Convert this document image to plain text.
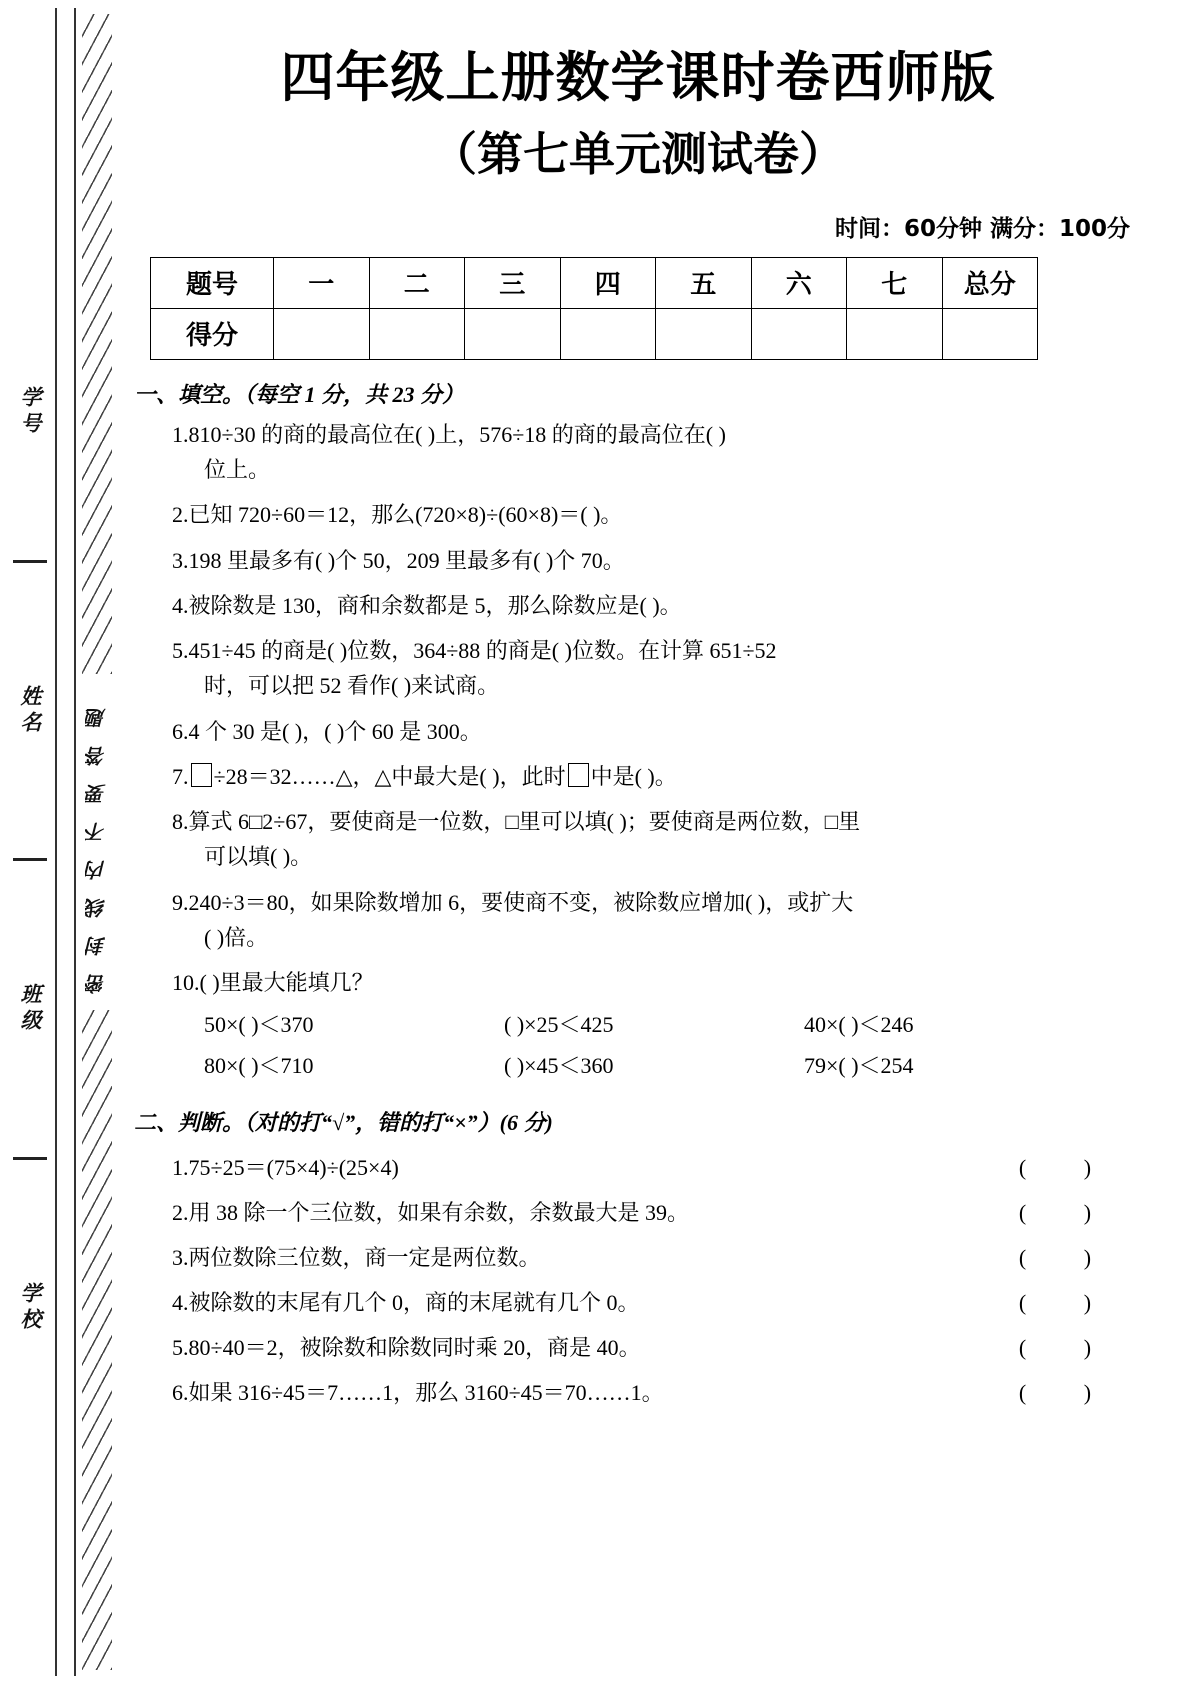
学号
姓名
班级
学校
密封线内不要答题
四年级上册数学课时卷西师版
（第七单元测试卷）
时间：60分钟 满分：100分
题号	一	二	三	四	五	六	七	总分
得分								
一、填空。（每空 1 分，共 23 分）
1.810÷30 的商的最高位在( )上，576÷18 的商的最高位在( )
位上。
2.已知 720÷60＝12，那么(720×8)÷(60×8)＝( )。
3.198 里最多有( )个 50，209 里最多有( )个 70。
4.被除数是 130，商和余数都是 5，那么除数应是( )。
5.451÷45 的商是( )位数，364÷88 的商是( )位数。在计算 651÷52
时，可以把 52 看作( )来试商。
6.4 个 30 是( )，( )个 60 是 300。
7. ÷28＝32……△，△中最大是( )，此时 中是( )。
8.算式 6□2÷67，要使商是一位数，□里可以填( )；要使商是两位数，□里
可以填( )。
9.240÷3＝80，如果除数增加 6，要使商不变，被除数应增加( )，或扩大
( )倍。
10.( )里最大能填几？
50×( )＜370	( )×25＜425	40×( )＜246
80×( )＜710	( )×45＜360	79×( )＜254
二、判断。（对的打“√”，错的打“×”）(6 分)
1.75÷25＝(75×4)÷(25×4)	( )
2.用 38 除一个三位数，如果有余数，余数最大是 39。	( )
3.两位数除三位数，商一定是两位数。	( )
4.被除数的末尾有几个 0，商的末尾就有几个 0。	( )
5.80÷40＝2，被除数和除数同时乘 20，商是 40。	( )
6.如果 316÷45＝7……1，那么 3160÷45＝70……1。	( )
